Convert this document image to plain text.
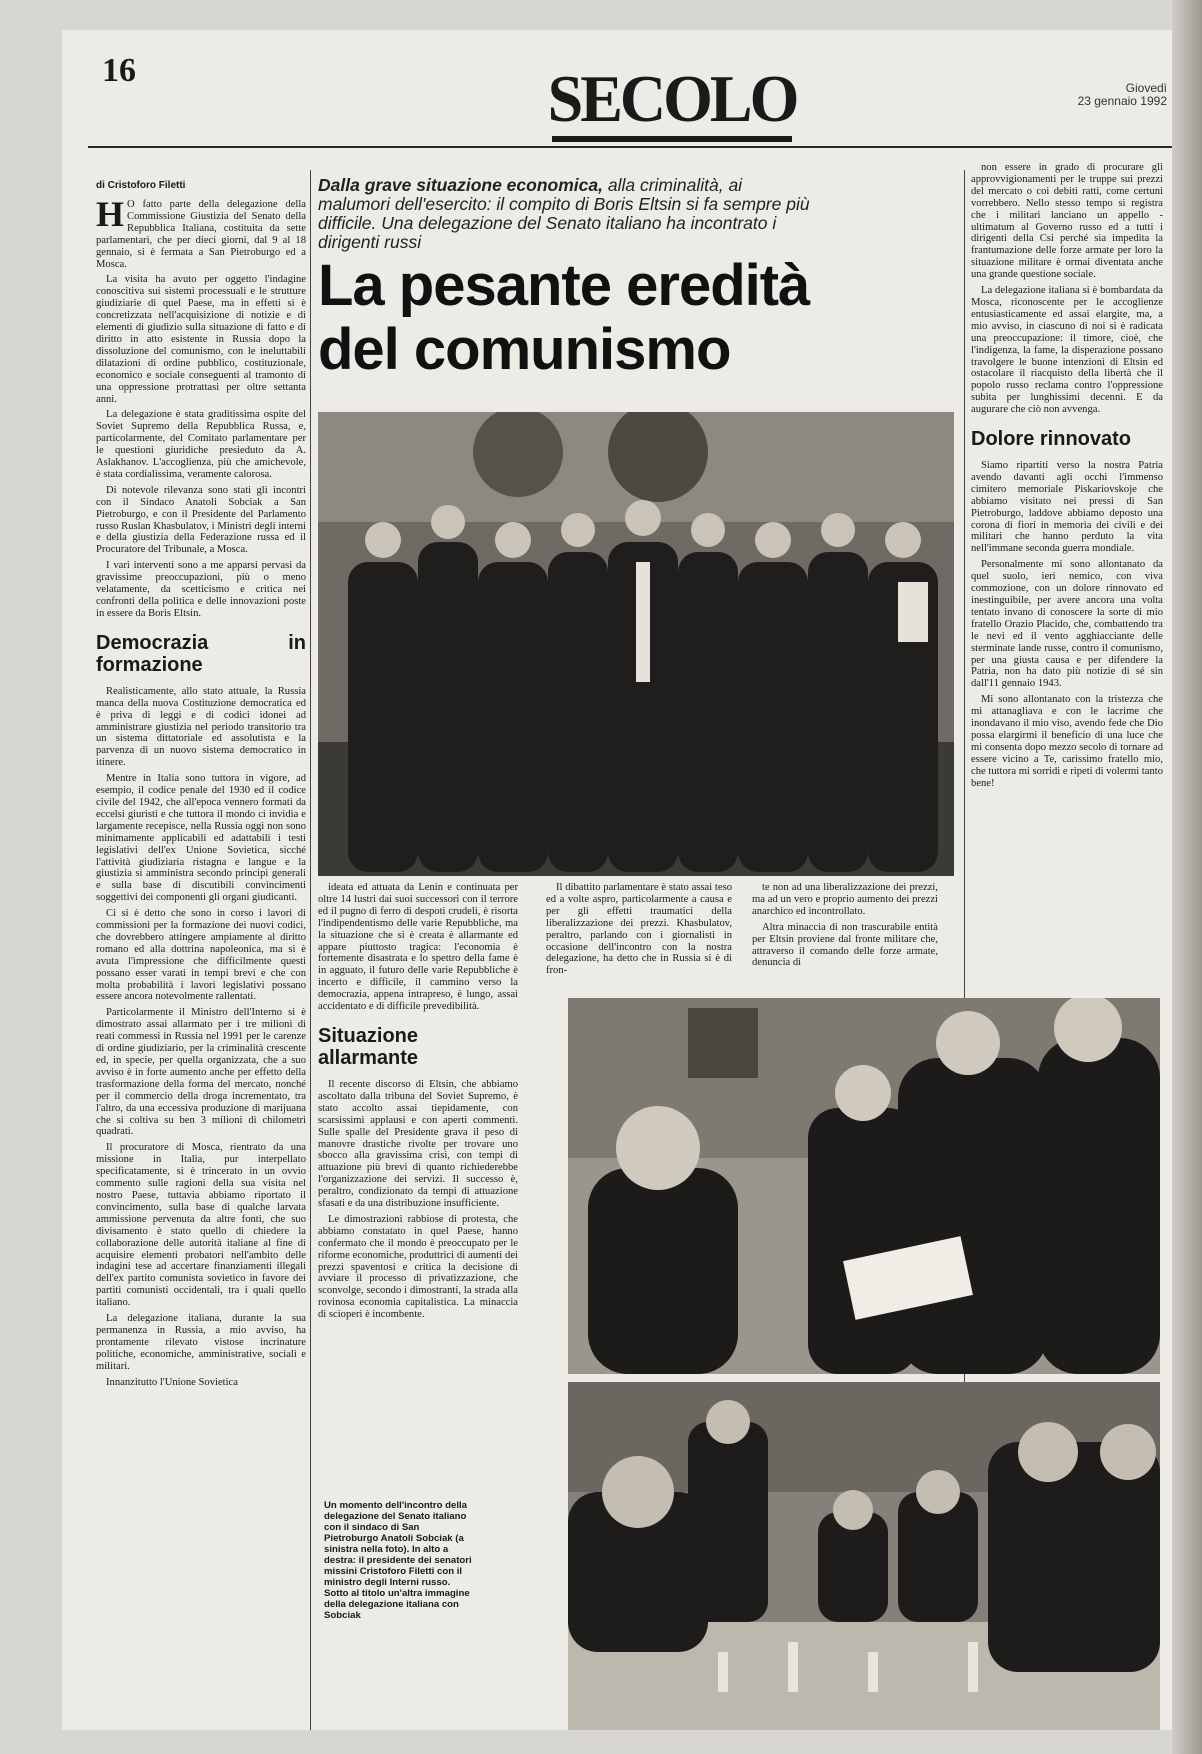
16	SECOLO	Giovedì
23 gennaio 1992
di Cristoforo Filetti
H O fatto parte della delegazione della Commissione Giustizia del Senato della Repubblica Italiana, costituita da sette parlamentari, che per dieci giorni, dal 9 al 18 gennaio, si è fermata a San Pietroburgo ed a Mosca.

La visita ha avuto per oggetto l'indagine conoscitiva sui sistemi processuali e le strutture giudiziarie di quel Paese, ma in effetti si è concretizzata nell'acquisizione di notizie e di elementi di giudizio sulla situazione di fatto e di diritto in atto esistente in Russia dopo la dissoluzione del comunismo, con le ineluttabili dilatazioni di ordine pubblico, costituzionale, economico e sociale conseguenti al tramonto di una oppressione protrattasi per oltre settanta anni.

La delegazione è stata graditissima ospite del Soviet Supremo della Repubblica Russa, e, particolarmente, del Comitato parlamentare per le questioni giuridiche presieduto da A. Aslakhanov. L'accoglienza, più che amichevole, è stata cordialissima, veramente calorosa.

Di notevole rilevanza sono stati gli incontri con il Sindaco Anatoli Sobciak a San Pietroburgo, e con il Presidente del Parlamento russo Ruslan Khasbulatov, i Ministri degli interni e della giustizia della Federazione russa ed il Procuratore del Tribunale, a Mosca.

I vari interventi sono a me apparsi pervasi da gravissime preoccupazioni, più o meno velatamente, da scetticismo e critica nei confronti della politica e delle innovazioni poste in essere da Boris Eltsin.

Democrazia in formazione

Realisticamente, allo stato attuale, la Russia manca della nuova Costituzione democratica ed è priva di leggi e di codici idonei ad amministrare giustizia nel periodo transitorio tra un sistema dittatoriale ed assolutista e la parvenza di un nuovo sistema democratico in itinere.

Mentre in Italia sono tuttora in vigore, ad esempio, il codice penale del 1930 ed il codice civile del 1942, che all'epoca vennero formati da eccelsi giuristi e che tuttora il mondo ci invidia e largamente recepisce, nella Russia oggi non sono minimamente applicabili ed adattabili i testi legislativi dell'ex Unione Sovietica, sicché l'attività giudiziaria ristagna e langue e la giustizia si amministra secondo principi generali e sulla base di discutibili convincimenti soggettivi dei componenti gli organi giudicanti.

Ci si è detto che sono in corso i lavori di commissioni per la formazione dei nuovi codici, che dovrebbero attingere ampiamente al diritto romano ed alla dottrina napoleonica, ma si è avuta l'impressione che difficilmente questi possano esser varati in tempi brevi e che con molta probabilità i lavori legislativi possano essere ancora notevolmente rallentati.

Particolarmente il Ministro dell'Interno si è dimostrato assai allarmato per i tre milioni di reati commessi in Russia nel 1991 per le carenze di ordine giudiziario, per la criminalità crescente ed, in specie, per quella organizzata, che a suo avviso è in forte aumento anche per effetto della trasformazione della forma del mercato, nonché per il commercio della droga incrementato, tra l'altro, da una eccessiva produzione di marijuana che si coltiva su ben 3 milioni di chilometri quadrati.

Il procuratore di Mosca, rientrato da una missione in Italia, pur interpellato specificatamente, si è trincerato in un ovvio commento sulle ragioni della sua visita nel nostro Paese, tuttavia abbiamo riportato il convincimento, sulla base di qualche larvata ammissione pervenuta da altre fonti, che suo divisamento è stato quello di chiedere la collaborazione delle autorità italiane al fine di acquisire elementi probatori nell'ambito delle indagini tese ad accertare finanziamenti illegali dell'ex partito comunista sovietico in favore dei partiti comunisti occidentali, tra i quali quello italiano.

La delegazione italiana, durante la sua permanenza in Russia, a mio avviso, ha prontamente rilevato vistose incrinature politiche, economiche, amministrative, sociali e militari.

Innanzitutto l'Unione Sovietica

Dalla grave situazione economica, alla criminalità, ai malumori dell'esercito: il compito di Boris Eltsin si fa sempre più difficile. Una delegazione del Senato italiano ha incontrato i dirigenti russi
La pesante eredità del comunismo

ideata ed attuata da Lenin e continuata per oltre 14 lustri dai suoi successori con il terrore ed il pugno di ferro di despoti crudeli, è risorta l'indipendentismo delle varie Repubbliche, ma la situazione che si è creata è allarmante ed appare piuttosto tragica: l'economia è fortemente disastrata e lo spettro della fame è in agguato, il futuro delle varie Repubbliche è incerto e difficile, il cammino verso la democrazia, appena intrapreso, è lungo, assai accidentato e di difficile prevedibilità.

Situazione allarmante

Il recente discorso di Eltsin, che abbiamo ascoltato dalla tribuna del Soviet Supremo, è stato accolto assai tiepidamente, con scarsissimi applausi e con aperti commenti. Sulle spalle del Presidente grava il peso di manovre drastiche rivolte per trovare uno sbocco alla gravissima crisi, con tempi di attuazione più brevi di quanto richiederebbe l'organizzazione dei servizi. Il successo è, peraltro, condizionato da tempi di attuazione sfasati e da una distribuzione insufficiente.

Le dimostrazioni rabbiose di protesta, che abbiamo constatato in quel Paese, hanno confermato che il mondo è preoccupato per le riforme economiche, produttrici di aumenti dei prezzi spaventosi e critica la decisione di avviare il processo di privatizzazione, che sconvolge, secondo i dimostranti, la strada alla rovinosa economia capitalistica. La minaccia di scioperi è incombente.

Il dibattito parlamentare è stato assai teso ed a volte aspro, particolarmente a causa e per gli effetti traumatici della liberalizzazione dei prezzi. Khasbulatov, peraltro, parlando con i giornalisti in occasione dell'incontro con la nostra delegazione, ha detto che in Russia si è di fron-

te non ad una liberalizzazione dei prezzi, ma ad un vero e proprio aumento dei prezzi anarchico ed incontrollato.

Altra minaccia di non trascurabile entità per Eltsin proviene dal fronte militare che, attraverso il comando delle forze armate, denuncia di

Un momento dell'incontro della delegazione del Senato italiano con il sindaco di San Pietroburgo Anatoli Sobciak (a sinistra nella foto). In alto a destra: il presidente dei senatori missini Cristoforo Filetti con il ministro degli Interni russo. Sotto al titolo un'altra immagine della delegazione italiana con Sobciak

non essere in grado di procurare gli approvvigionamenti per le truppe sui prezzi del mercato o coi debiti ratti, come certuni vorrebbero. Nello stesso tempo si registra che i militari lanciano un appello - ultimatum al Governo russo ed a tutti i dirigenti della Csi perché sia impedita la frantumazione delle forze armate per loro la situazione militare è ormai diventata anche una grande questione sociale.

La delegazione italiana si è bombardata da Mosca, riconoscente per le accoglienze entusiasticamente ed assai elargite, ma, a mio avviso, in ciascuno di noi si è radicata una preoccupazione: il timore, cioè, che l'indigenza, la fame, la disperazione possano travolgere le buone intenzioni di Eltsin ed ostacolare il riacquisto della libertà che il popolo russo reclama contro l'oppressione subita per lunghissimi decenni. E da augurare che ciò non avvenga.

Dolore rinnovato

Siamo ripartiti verso la nostra Patria avendo davanti agli occhi l'immenso cimitero memoriale Piskariovskoje che abbiamo visitato nei pressi di San Pietroburgo, laddove abbiamo deposto una corona di fiori in memoria dei civili e dei militari che hanno perduto la vita nell'immane seconda guerra mondiale.

Personalmente mi sono allontanato da quel suolo, ieri nemico, con viva commozione, con un dolore rinnovato ed inestinguibile, per avere ancora una volta tentato invano di conoscere la sorte di mio fratello Orazio Placido, che, combattendo tra le nevi ed il vento agghiacciante delle sterminate lande russe, contro il comunismo, per una giusta causa e per difendere la Patria, non ha dato più notizie di sé sin dall'11 gennaio 1943.

Mi sono allontanato con la tristezza che mi attanagliava e con le lacrime che inondavano il mio viso, avendo fede che Dio possa elargirmi il beneficio di una luce che mi consenta dopo mezzo secolo di tornare ad essere vicino a Te, carissimo fratello mio, che tuttora mi sorridi e ripeti di volermi tanto bene!
